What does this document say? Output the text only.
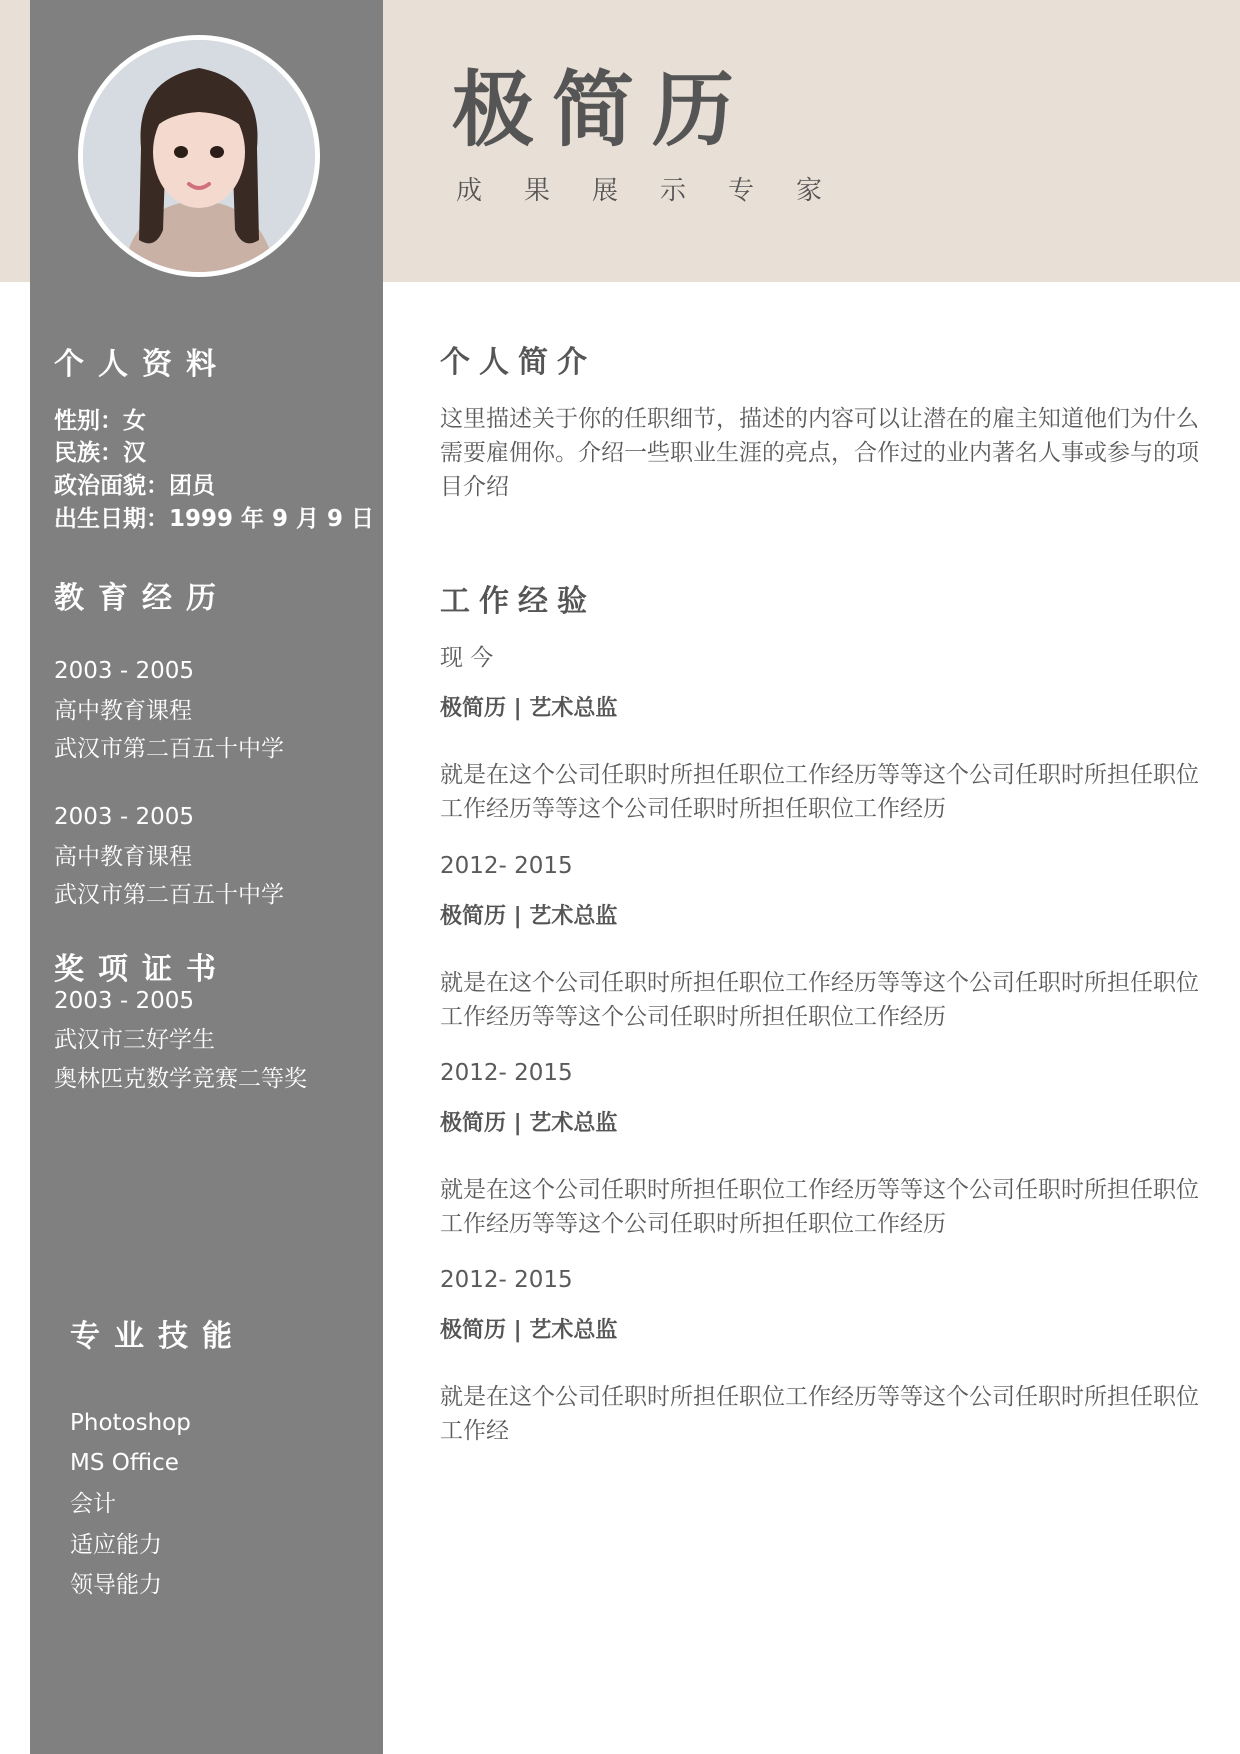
极简历
成果展示专家
个人资料
性别：女
民族：汉
政治面貌：团员
出生日期：1999 年 9 月 9 日
教育经历
2003 - 2005
高中教育课程
武汉市第二百五十中学
2003 - 2005
高中教育课程
武汉市第二百五十中学
奖项证书
2003 - 2005
武汉市三好学生
奥林匹克数学竞赛二等奖
专业技能
Photoshop
MS Office
会计
适应能力
领导能力
个人简介
这里描述关于你的任职细节，描述的内容可以让潜在的雇主知道他们为什么需要雇佣你。介绍一些职业生涯的亮点，合作过的业内著名人事或参与的项目介绍
工作经验
现 今
极简历 | 艺术总监
就是在这个公司任职时所担任职位工作经历等等这个公司任职时所担任职位工作经历等等这个公司任职时所担任职位工作经历
2012- 2015
极简历 | 艺术总监
就是在这个公司任职时所担任职位工作经历等等这个公司任职时所担任职位工作经历等等这个公司任职时所担任职位工作经历
2012- 2015
极简历 | 艺术总监
就是在这个公司任职时所担任职位工作经历等等这个公司任职时所担任职位工作经历等等这个公司任职时所担任职位工作经历
2012- 2015
极简历 | 艺术总监
就是在这个公司任职时所担任职位工作经历等等这个公司任职时所担任职位工作经
